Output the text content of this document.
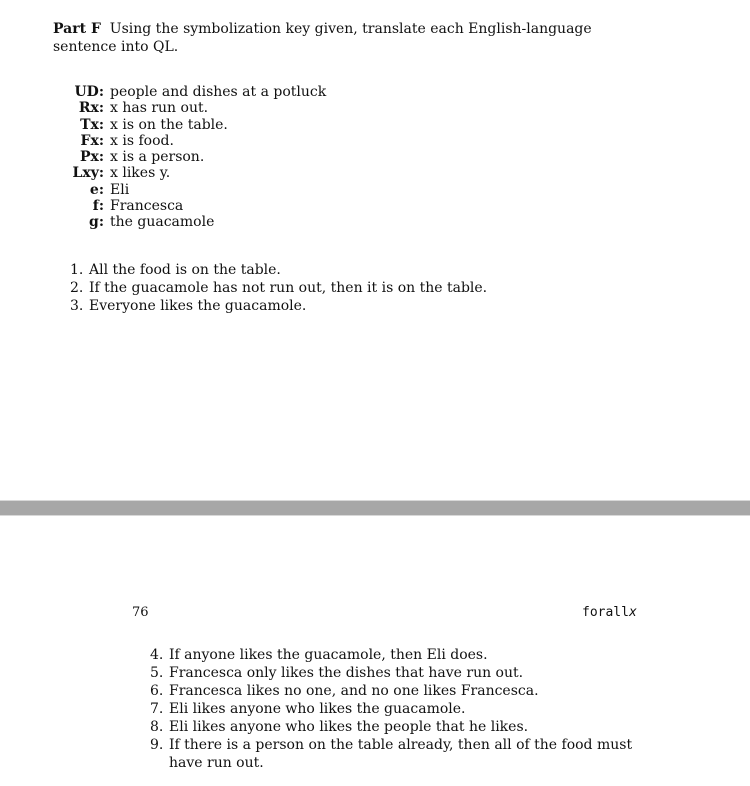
Part F Using the symbolization key given, translate each English-language sentence into QL.

UD:	people and dishes at a potluck
Rx:	x has run out.
Tx:	x is on the table.
Fx:	x is food.
Px:	x is a person.
Lxy:	x likes y.
e:	Eli
f:	Francesca
g:	the guacamole
1. All the food is on the table.
2. If the guacamole has not run out, then it is on the table.
3. Everyone likes the guacamole.
76	forallx
4. If anyone likes the guacamole, then Eli does.
5. Francesca only likes the dishes that have run out.
6. Francesca likes no one, and no one likes Francesca.
7. Eli likes anyone who likes the guacamole.
8. Eli likes anyone who likes the people that he likes.
9. If there is a person on the table already, then all of the food must have run out.
